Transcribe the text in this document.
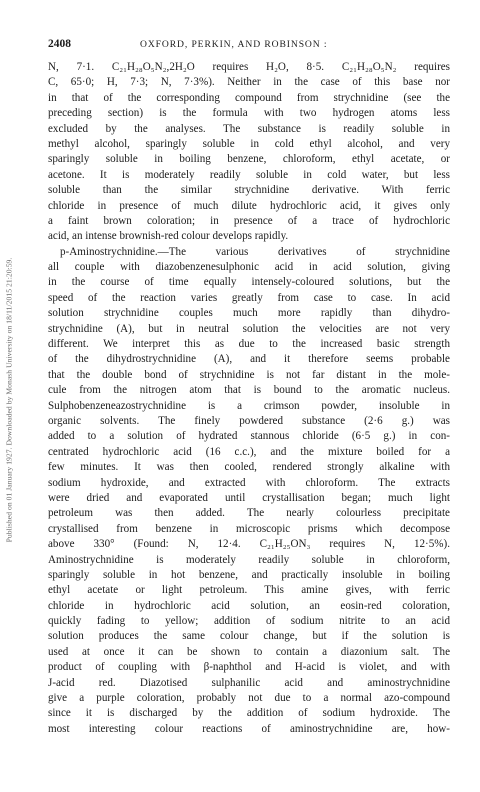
Published on 01 January 1927. Downloaded by Monash University on 18/11/2015 21:20:59.
2408	OXFORD, PERKIN, AND ROBINSON :
N, 7·1. C₂₁H₂₈O₅N₂,2H₂O requires H₂O, 8·5. C₂₁H₂₈O₅N₂ requires
C, 65·0; H, 7·3; N, 7·3%). Neither in the case of this base nor
in that of the corresponding compound from strychnidine (see the
preceding section) is the formula with two hydrogen atoms less
excluded by the analyses. The substance is readily soluble in
methyl alcohol, sparingly soluble in cold ethyl alcohol, and very
sparingly soluble in boiling benzene, chloroform, ethyl acetate, or
acetone. It is moderately readily soluble in cold water, but less
soluble than the similar strychnidine derivative. With ferric
chloride in presence of much dilute hydrochloric acid, it gives only
a faint brown coloration; in presence of a trace of hydrochloric
acid, an intense brownish-red colour develops rapidly.
p-Aminostrychnidine.—The various derivatives of strychnidine
all couple with diazobenzenesulphonic acid in acid solution, giving
in the course of time equally intensely-coloured solutions, but the
speed of the reaction varies greatly from case to case. In acid
solution strychnidine couples much more rapidly than dihydro-
strychnidine (A), but in neutral solution the velocities are not very
different. We interpret this as due to the increased basic strength
of the dihydrostrychnidine (A), and it therefore seems probable
that the double bond of strychnidine is not far distant in the mole-
cule from the nitrogen atom that is bound to the aromatic nucleus.
Sulphobenzeneazostrychnidine is a crimson powder, insoluble in
organic solvents. The finely powdered substance (2·6 g.) was
added to a solution of hydrated stannous chloride (6·5 g.) in con-
centrated hydrochloric acid (16 c.c.), and the mixture boiled for a
few minutes. It was then cooled, rendered strongly alkaline with
sodium hydroxide, and extracted with chloroform. The extracts
were dried and evaporated until crystallisation began; much light
petroleum was then added. The nearly colourless precipitate
crystallised from benzene in microscopic prisms which decompose
above 330° (Found: N, 12·4. C₂₁H₂₅ON₃ requires N, 12·5%).
Aminostrychnidine is moderately readily soluble in chloroform,
sparingly soluble in hot benzene, and practically insoluble in boiling
ethyl acetate or light petroleum. This amine gives, with ferric
chloride in hydrochloric acid solution, an eosin-red coloration,
quickly fading to yellow; addition of sodium nitrite to an acid
solution produces the same colour change, but if the solution is
used at once it can be shown to contain a diazonium salt. The
product of coupling with β-naphthol and H-acid is violet, and with
J-acid red. Diazotised sulphanilic acid and aminostrychnidine
give a purple coloration, probably not due to a normal azo-compound
since it is discharged by the addition of sodium hydroxide. The
most interesting colour reactions of aminostrychnidine are, how-
